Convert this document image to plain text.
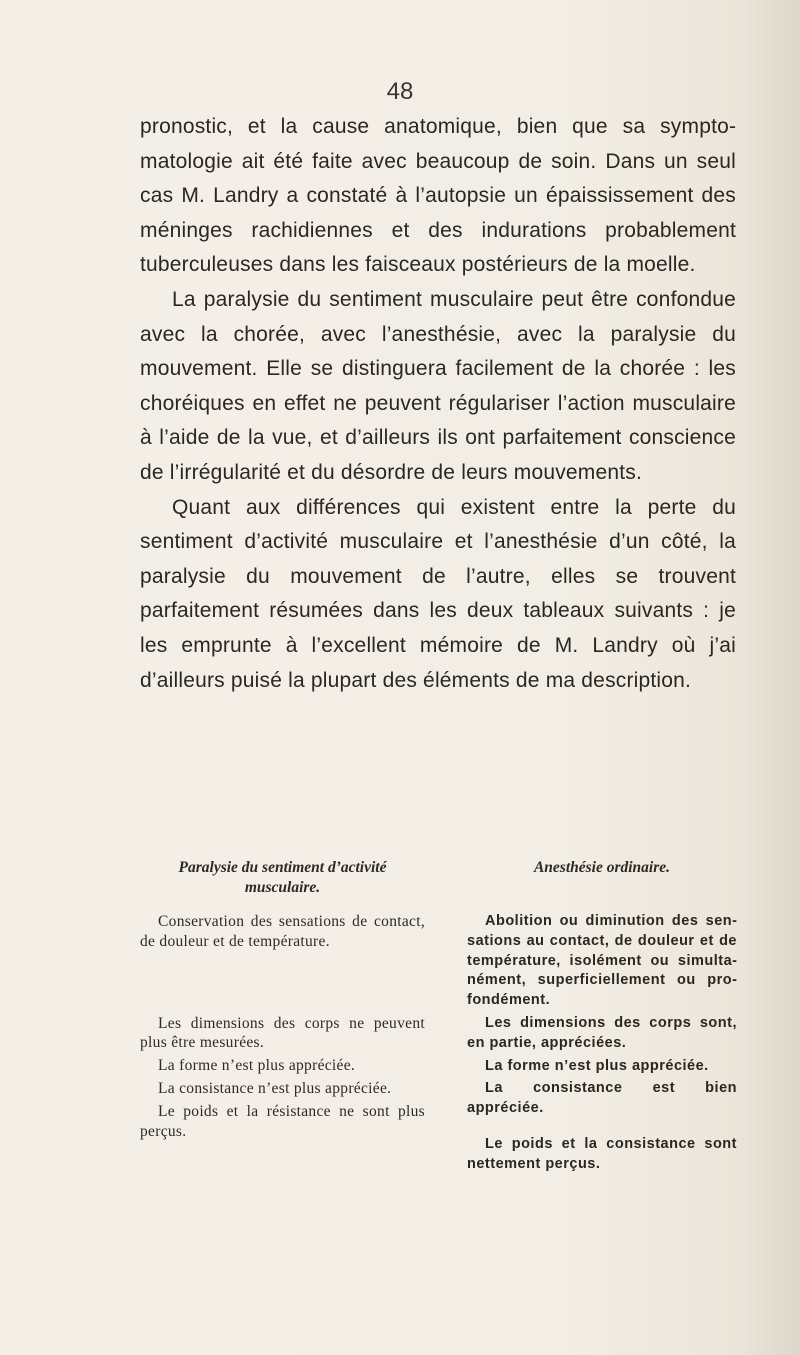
48

pronostic, et la cause anatomique, bien que sa symptomatologie ait été faite avec beaucoup de soin. Dans un seul cas M. Landry a constaté à l’autopsie un épaississement des méninges rachidiennes et des indurations probablement tuberculeuses dans les faisceaux postérieurs de la moelle.

La paralysie du sentiment musculaire peut être confondue avec la chorée, avec l’anesthésie, avec la paralysie du mouvement. Elle se distinguera facilement de la chorée : les choréiques en effet ne peuvent régulariser l’action musculaire à l’aide de la vue, et d’ailleurs ils ont parfaitement conscience de l’irrégularité et du désordre de leurs mouvements.

Quant aux différences qui existent entre la perte du sentiment d’activité musculaire et l’anesthésie d’un côté, la paralysie du mouvement de l’autre, elles se trouvent parfaitement résumées dans les deux tableaux suivants : je les emprunte à l’excellent mémoire de M. Landry où j’ai d’ailleurs puisé la plupart des éléments de ma description.

Paralysie du sentiment d’activité musculaire.

Conservation des sensations de contact, de douleur et de température.

Les dimensions des corps ne peuvent plus être mesurées.

La forme n’est plus appréciée.

La consistance n’est plus appréciée.

Le poids et la résistance ne sont plus perçus.

Anesthésie ordinaire.

Abolition ou diminution des sensations au contact, de douleur et de température, isolément ou simultanément, superficiellement ou profondément.

Les dimensions des corps sont, en partie, appréciées.

La forme n’est plus appréciée.

La consistance est bien appréciée.

Le poids et la consistance sont nettement perçus.
